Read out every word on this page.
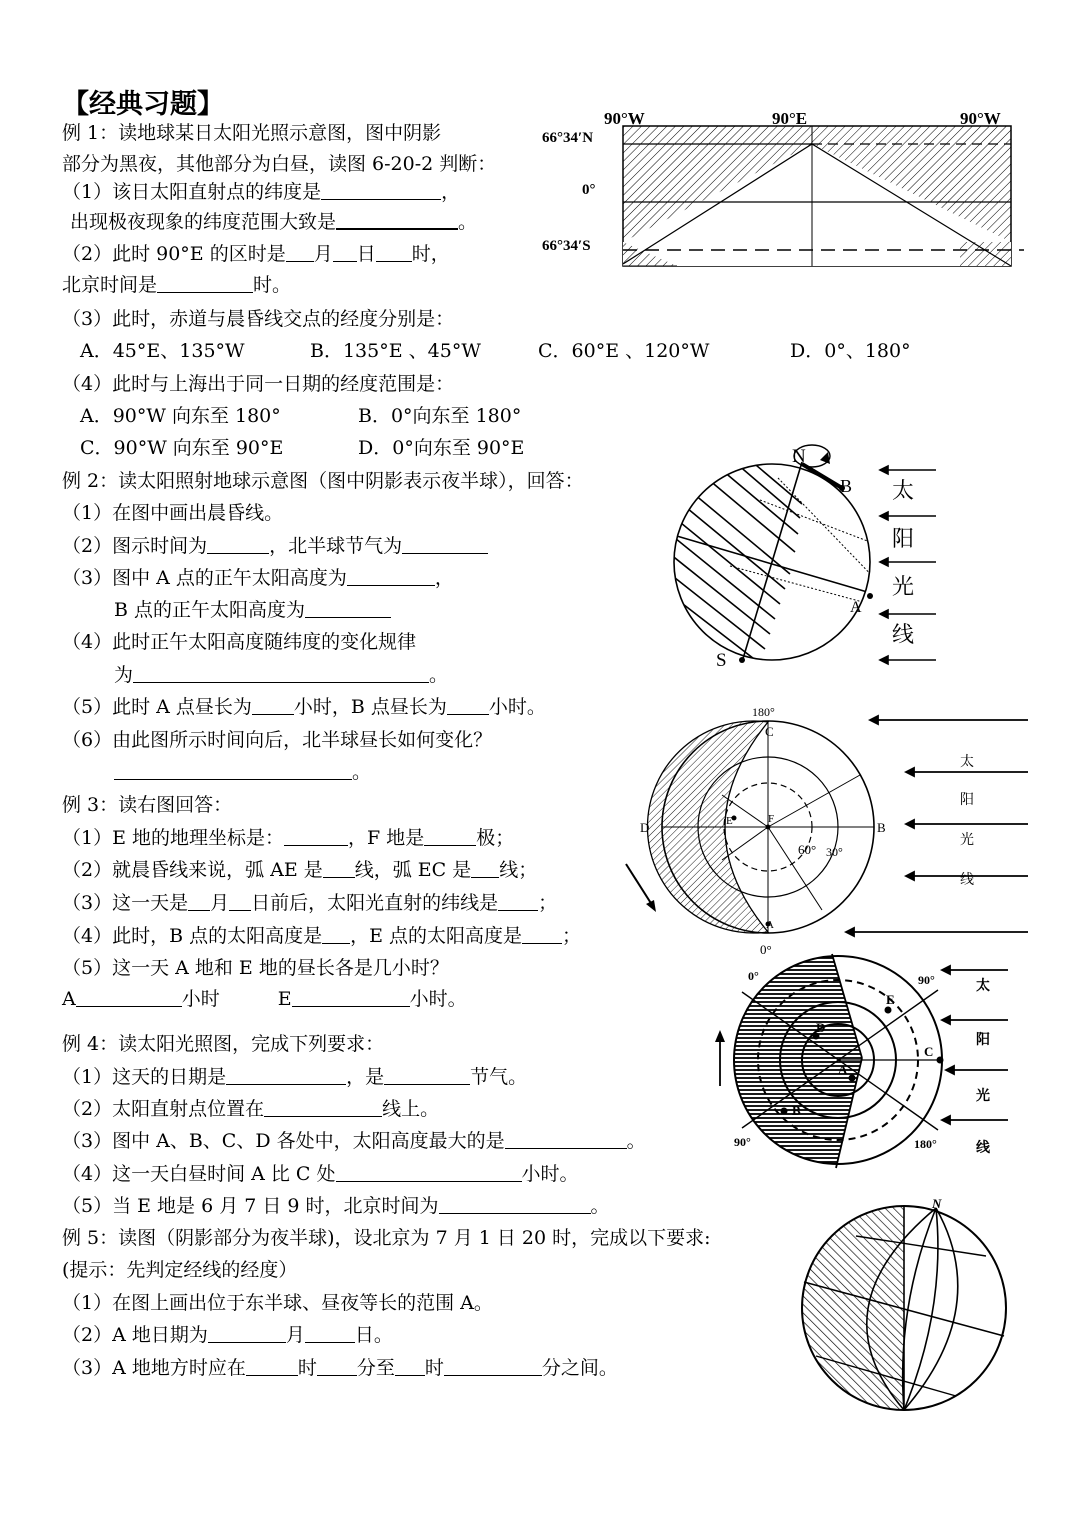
【经典习题】
例 1：读地球某日太阳光照示意图，图中阴影
部分为黑夜，其他部分为白昼，读图 6-20-2 判断：
（1）该日太阳直射点的纬度是	，
出现极夜现象的纬度范围大致是	。
（2）此时 90°E 的区时是 月 日 时，
北京时间是	时。
（3）此时，赤道与晨昏线交点的经度分别是：
A．45°E、135°W	B．135°E 、45°W	C．60°E 、120°W	D．0°、180°
（4）此时与上海出于同一日期的经度范围是：
A．90°W 向东至 180°	B．0°向东至 180°
C．90°W 向东至 90°E	D．0°向东至 90°E
例 2：读太阳照射地球示意图（图中阴影表示夜半球），回答：
（1）在图中画出晨昏线。
（2）图示时间为	，北半球节气为
（3）图中 A 点的正午太阳高度为	，
B 点的正午太阳高度为
（4）此时正午太阳高度随纬度的变化规律
为	。
（5）此时 A 点昼长为 小时，B 点昼长为 小时。
（6）由此图所示时间向后，北半球昼长如何变化？
。
例 3：读右图回答：
（1）E 地的地理坐标是：	，F 地是	极；
（2）就晨昏线来说，弧 AE 是 线，弧 EC 是 线；
（3）这一天是 月 日前后，太阳光直射的纬线是 ；
（4）此时，B 点的太阳高度是 ，E 点的太阳高度是 ；
（5）这一天 A 地和 E 地的昼长各是几小时？
A	小时	E	小时。
例 4：读太阳光照图，完成下列要求：
（1）这天的日期是	，是	节气。
（2）太阳直射点位置在	线上。
（3）图中 A、B、C、D 各处中，太阳高度最大的是	。
（4）这一天白昼时间 A 比 C 处	小时。
（5）当 E 地是 6 月 7 日 9 时，北京时间为	。
例 5：读图（阴影部分为夜半球)，设北京为 7 月 1 日 20 时，完成以下要求:
(提示：先判定经线的经度）
（1）在图上画出位于东半球、昼夜等长的范围 A。
（2）A 地日期为	月	日。
（3）A 地地方时应在	时 分至 时	分之间。
90°W	90°E	90°W
66°34′N
0°
66°34′S
N
B
A
S
太
阳
光
线
180°
C
D	B
E	F
60° 30°
A
0°
太
阳
光
线
0°	90°
90°	180°
A
B
C
D
E
太
阳
光
线
N
